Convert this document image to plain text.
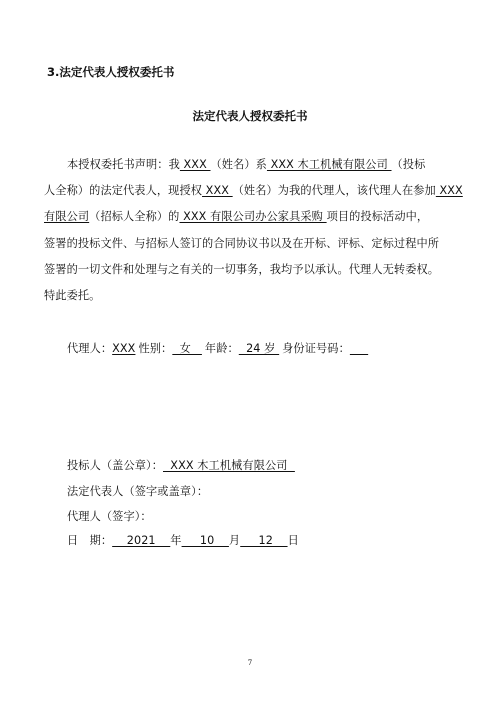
3.法定代表人授权委托书
法定代表人授权委托书
本授权委托书声明：我 XXX （姓名）系 XXX 木工机械有限公司 （投标
人全称）的法定代表人，现授权 XXX （姓名）为我的代理人，该代理人在参加 XXX
有限公司（招标人全称）的 XXX 有限公司办公家具采购 项目的投标活动中，
签署的投标文件、与招标人签订的合同协议书以及在开标、评标、定标过程中所
签署的一切文件和处理与之有关的一切事务，我均予以承认。代理人无转委权。
特此委托。
代理人：XXX 性别：  女   年龄：  24 岁 身份证号码：
投标人（盖公章）：  XXX 木工机械有限公司
法定代表人（签字或盖章）：
代理人（签字）：
日　期：    2021    年     10    月     12    日
7
